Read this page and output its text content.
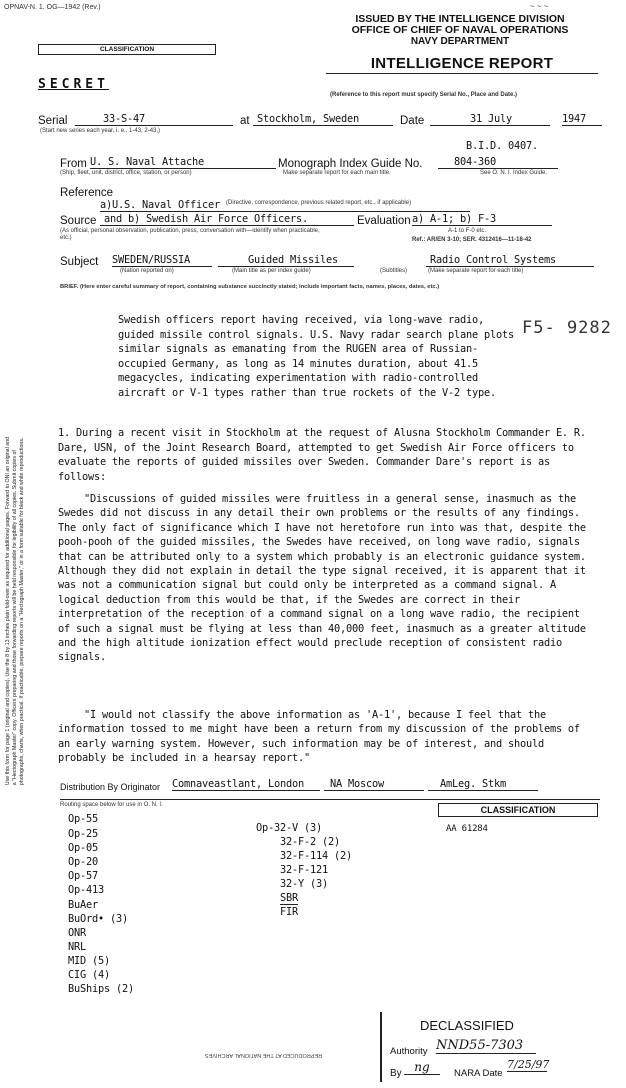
OPNAV-N. 1. OG—1942 (Rev.)	~ ~ ~
ISSUED BY THE INTELLIGENCE DIVISION
OFFICE OF CHIEF OF NAVAL OPERATIONS
NAVY DEPARTMENT
CLASSIFICATION
INTELLIGENCE REPORT
(Reference to this report must specify Serial No., Place and Date.)
SECRET
Serial	33-S-47
(Start new series each year, i. e., 1-43, 2-43,)
at Stockholm, Sweden	Date	31 July	1947
B.I.D. 0407.
From U. S. Naval Attache
(Ship, fleet, unit, district, office, station, or person)
Monograph Index Guide No.	804-360
Make separate report for each main title.	See O. N. I. Index Guide.
Reference
a)U.S. Naval Officer (Directive, correspondence, previous related report, etc., if applicable)
Source and b) Swedish Air Force Officers.
(As official, personal observation, publication, press, conversation with—identify when practicable, etc.)
Evaluation a) A-1; b) F-3
A-1 to F-0 etc.
Ref.: AR/EN 3-10; SER. 4312416—11-18-42
Subject SWEDEN/RUSSIA
(Nation reported on)
Guided Missiles
(Main title as per index guide)	(Subtitles)
Radio Control Systems
(Make separate report for each title)
BRIEF. (Here enter careful summary of report, containing substance succinctly stated; include important facts, names, places, dates, etc.)

Swedish officers report having received, via long-wave radio, guided missile control signals. U.S. Navy radar search plane plots similar signals as emanating from the RUGEN area of Russian-occupied Germany, as long as 14 minutes duration, about 41.5 megacycles, indicating experimentation with radio-controlled aircraft or V-1 types rather than true rockets of the V-2 type.

F5- 9282

1. During a recent visit in Stockholm at the request of Alusna Stockholm Commander E. R. Dare, USN, of the Joint Research Board, attempted to get Swedish Air Force officers to evaluate the reports of guided missiles over Sweden. Commander Dare's report is as follows:

"Discussions of guided missiles were fruitless in a general sense, inasmuch as the Swedes did not discuss in any detail their own problems or the results of any findings. The only fact of significance which I have not heretofore run into was that, despite the pooh-pooh of the guided missiles, the Swedes have received, on long wave radio, signals that can be attributed only to a system which probably is an electronic guidance system. Although they did not explain in detail the type signal received, it is apparent that it was not a communication signal but could only be interpreted as a command signal. A logical deduction from this would be that, if the Swedes are correct in their interpretation of the reception of a command signal on a long wave radio, the recipient of such a signal must be flying at less than 40,000 feet, inasmuch as a greater altitude and the high altitude ionization effect would preclude reception of consistent radio signals.

"I would not classify the above information as 'A-1', because I feel that the information tossed to me might have been a return from my discussion of the problems of an early warning system. However, such information may be of interest, and should probably be included in a hearsay report."

Distribution By Originator Comnaveastlant, London	NA Moscow	AmLeg. Stkm
Routing space below for use in O. N. I.
Op-55
Op-25
Op-05
Op-20
Op-57
Op-413
BuAer
BuOrd• (3)
ONR
NRL
MID (5)
CIG (4)
BuShips (2)
Op-32-V (3)
32-F-2 (2)
32-F-114 (2)
32-F-121
32-Y (3)
SBR
FIR
CLASSIFICATION
AA 61284
REPRODUCED AT THE NATIONAL ARCHIVES
DECLASSIFIED
Authority NND55-7303
By	ng	NARA Date
7/25/97
Use this form for page 1 (original and copies). Use the 8 by 13 inches plain fold-over as required for additional pages. Forward to ONI an original and a "Hectograph Master" copy. Officers preparing and those forwarding reports will be held responsible for legibility of all copies. Submit copies of photographs, charts, when practical. If practicable, prepare reports on a "Hectograph Master," or in a form suitable for black and white reproductions.
